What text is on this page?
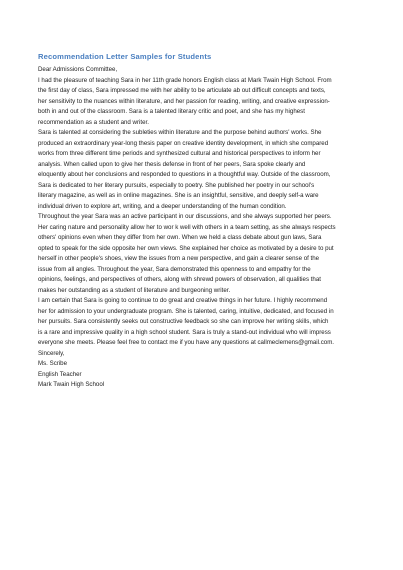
Recommendation Letter Samples for Students
Dear Admissions Committee,
I had the pleasure of teaching Sara in her 11th grade honors English class at Mark Twain High School. From
the first day of class, Sara impressed me with her ability to be articulate ab out difficult concepts and texts,
her sensitivity to the nuances within literature, and her passion for reading, writing, and creative expression-
both in and out of the classroom. Sara is a talented literary critic and poet, and she has my highest
recommendation as a student and writer.
Sara is talented at considering the subleties within literature and the purpose behind authors' works. She
produced an extraordinary year-long thesis paper on creative identity development, in which she compared
works from three different time periods and synthesized cultural and historical perspectives to inform her
analysis. When called upon to give her thesis defense in front of her peers, Sara spoke clearly and
eloquently about her conclusions and responded to questions in a thoughtful way. Outside of the classroom,
Sara is dedicated to her literary pursuits, especially to poetry. She published her poetry in our school's
literary magazine, as well as in online magazines. She is an insightful, sensitive, and deeply self-a ware
individual driven to explore art, writing, and a deeper understanding of the human condition.
Throughout the year Sara was an active participant in our discussions, and she always supported her peers.
Her caring nature and personality allow her to wor k well with others in a team setting, as she always respects
others' opinions even when they differ from her own. When we held a class debate about gun laws, Sara
opted to speak for the side opposite her own views. She explained her choice as motivated by a desire to put
herself in other people's shoes, view the issues from a new perspective, and gain a clearer sense of the
issue from all angles. Throughout the year, Sara demonstrated this openness to and empathy for the
opinions, feelings, and perspectives of others, along with shrewd powers of observation, all qualities that
makes her outstanding as a student of literature and burgeoning writer.
I am certain that Sara is going to continue to do great and creative things in her future. I highly recommend
her for admission to your undergraduate program. She is talented, caring, intuitive, dedicated, and focused in
her pursuits. Sara consistently seeks out constructive feedback so she can improve her writing skills, which
is a rare and impressive quality in a high school student. Sara is truly a stand-out individual who will impress
everyone she meets. Please feel free to contact me if you have any questions at callmeclemens@gmail.com.
Sincerely,
Ms. Scribe
English Teacher
Mark Twain High School
